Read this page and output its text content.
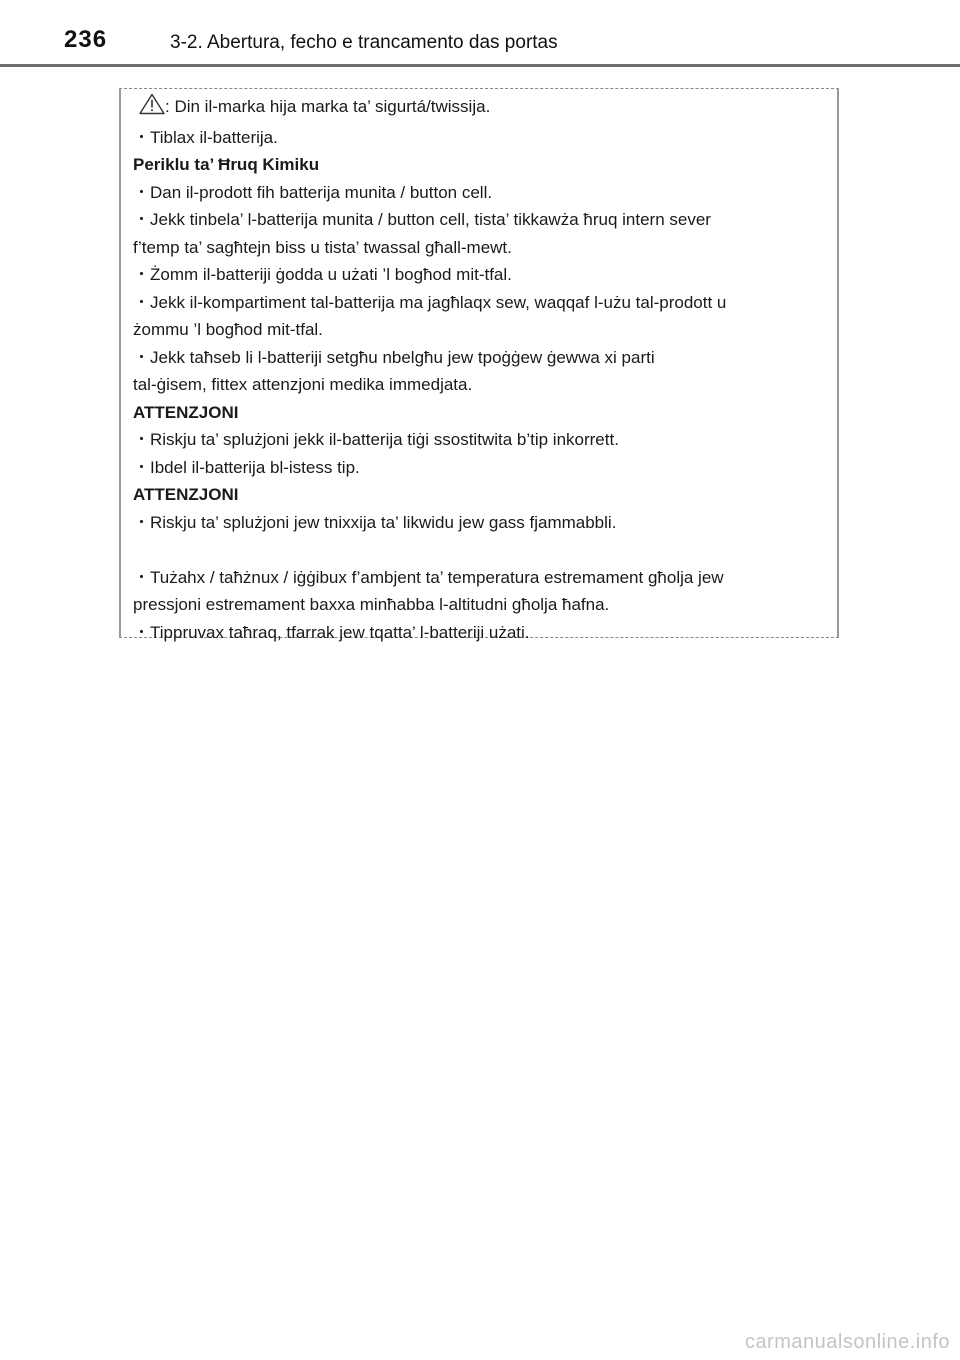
236	3-2. Abertura, fecho e trancamento das portas
: Din il-marka hija marka ta’ sigurtá/twissija.
・Tiblax il-batterija.
Periklu ta’ Ħruq Kimiku
・Dan il-prodott fih batterija munita / button cell.
・Jekk tinbela’ l-batterija munita / button cell, tista’ tikkawża ħruq intern sever
f’temp ta’ sagħtejn biss u tista’ twassal għall-mewt.
・Żomm il-batteriji ġodda u użati ’l bogħod mit-tfal.
・Jekk il-kompartiment tal-batterija ma jagħlaqx sew, waqqaf l-użu tal-prodott u
żommu ’l bogħod mit-tfal.
・Jekk taħseb li l-batteriji setgħu nbelgħu jew tpoġġew ġewwa xi parti
tal-ġisem, fittex attenzjoni medika immedjata.
ATTENZJONI
・Riskju ta’ splużjoni jekk il-batterija tiġi ssostitwita b’tip inkorrett.
・Ibdel il-batterija bl-istess tip.
ATTENZJONI
・Riskju ta’ splużjoni jew tnixxija ta’ likwidu jew gass fjammabbli.
・Tużahx / taħżnux / iġġibux f’ambjent ta’ temperatura estremament għolja jew
pressjoni estremament baxxa minħabba l-altitudni għolja ħafna.
・Tippruvax taħraq, tfarrak jew tqatta’ l-batteriji użati.
carmanualsonline.info
